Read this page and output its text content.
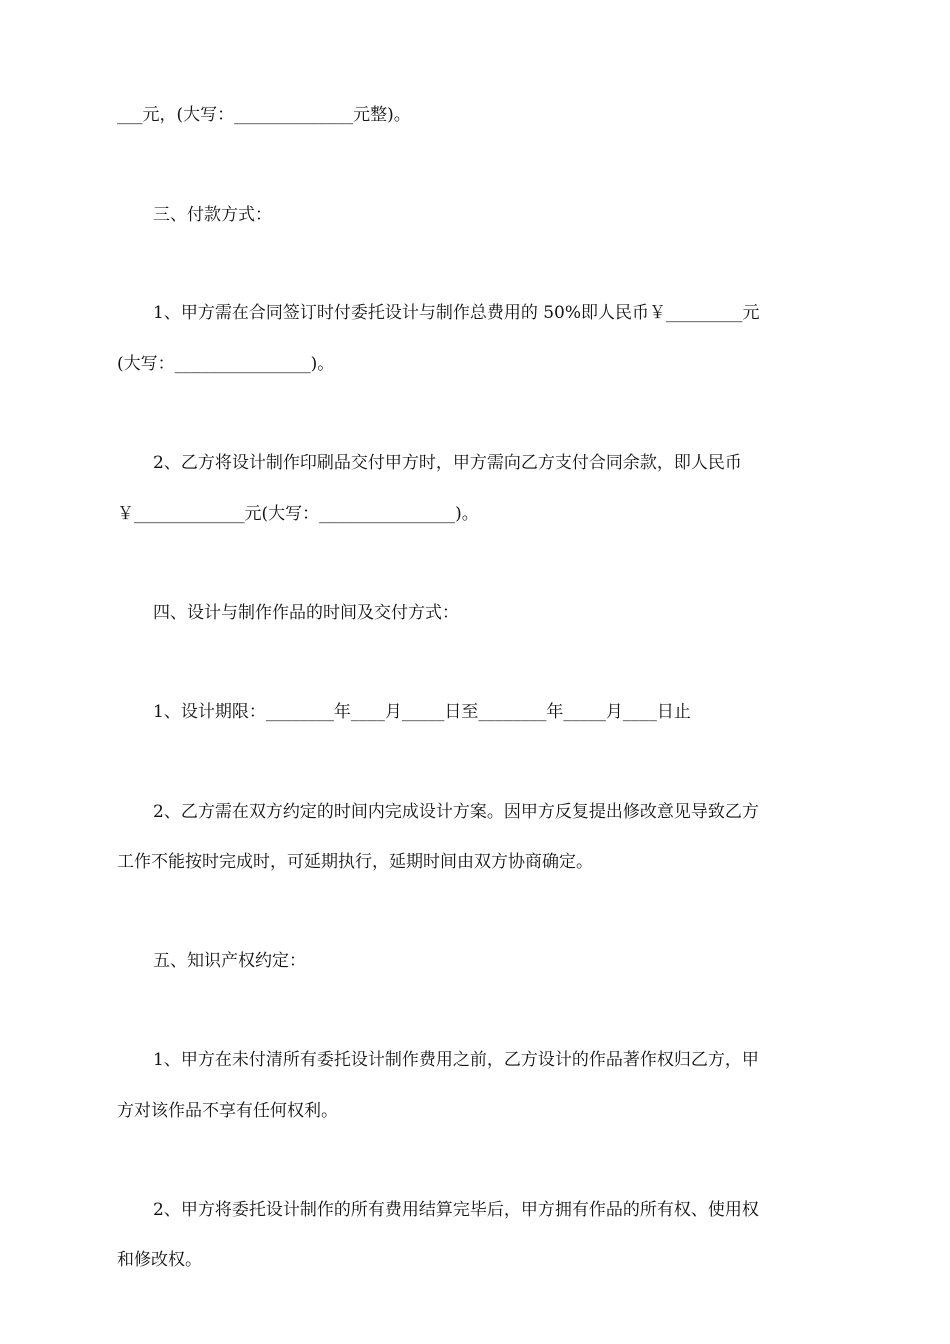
___元，(大写：______________元整)。
三、付款方式：
1、甲方需在合同签订时付委托设计与制作总费用的 50%即人民币￥_________元
(大写：________________)。
2、乙方将设计制作印刷品交付甲方时，甲方需向乙方支付合同余款，即人民币
￥_____________元(大写：________________)。
四、设计与制作作品的时间及交付方式：
1、设计期限：________年____月_____日至________年_____月____日止
2、乙方需在双方约定的时间内完成设计方案。因甲方反复提出修改意见导致乙方
工作不能按时完成时，可延期执行，延期时间由双方协商确定。
五、知识产权约定：
1、甲方在未付清所有委托设计制作费用之前，乙方设计的作品著作权归乙方，甲
方对该作品不享有任何权利。
2、甲方将委托设计制作的所有费用结算完毕后，甲方拥有作品的所有权、使用权
和修改权。
